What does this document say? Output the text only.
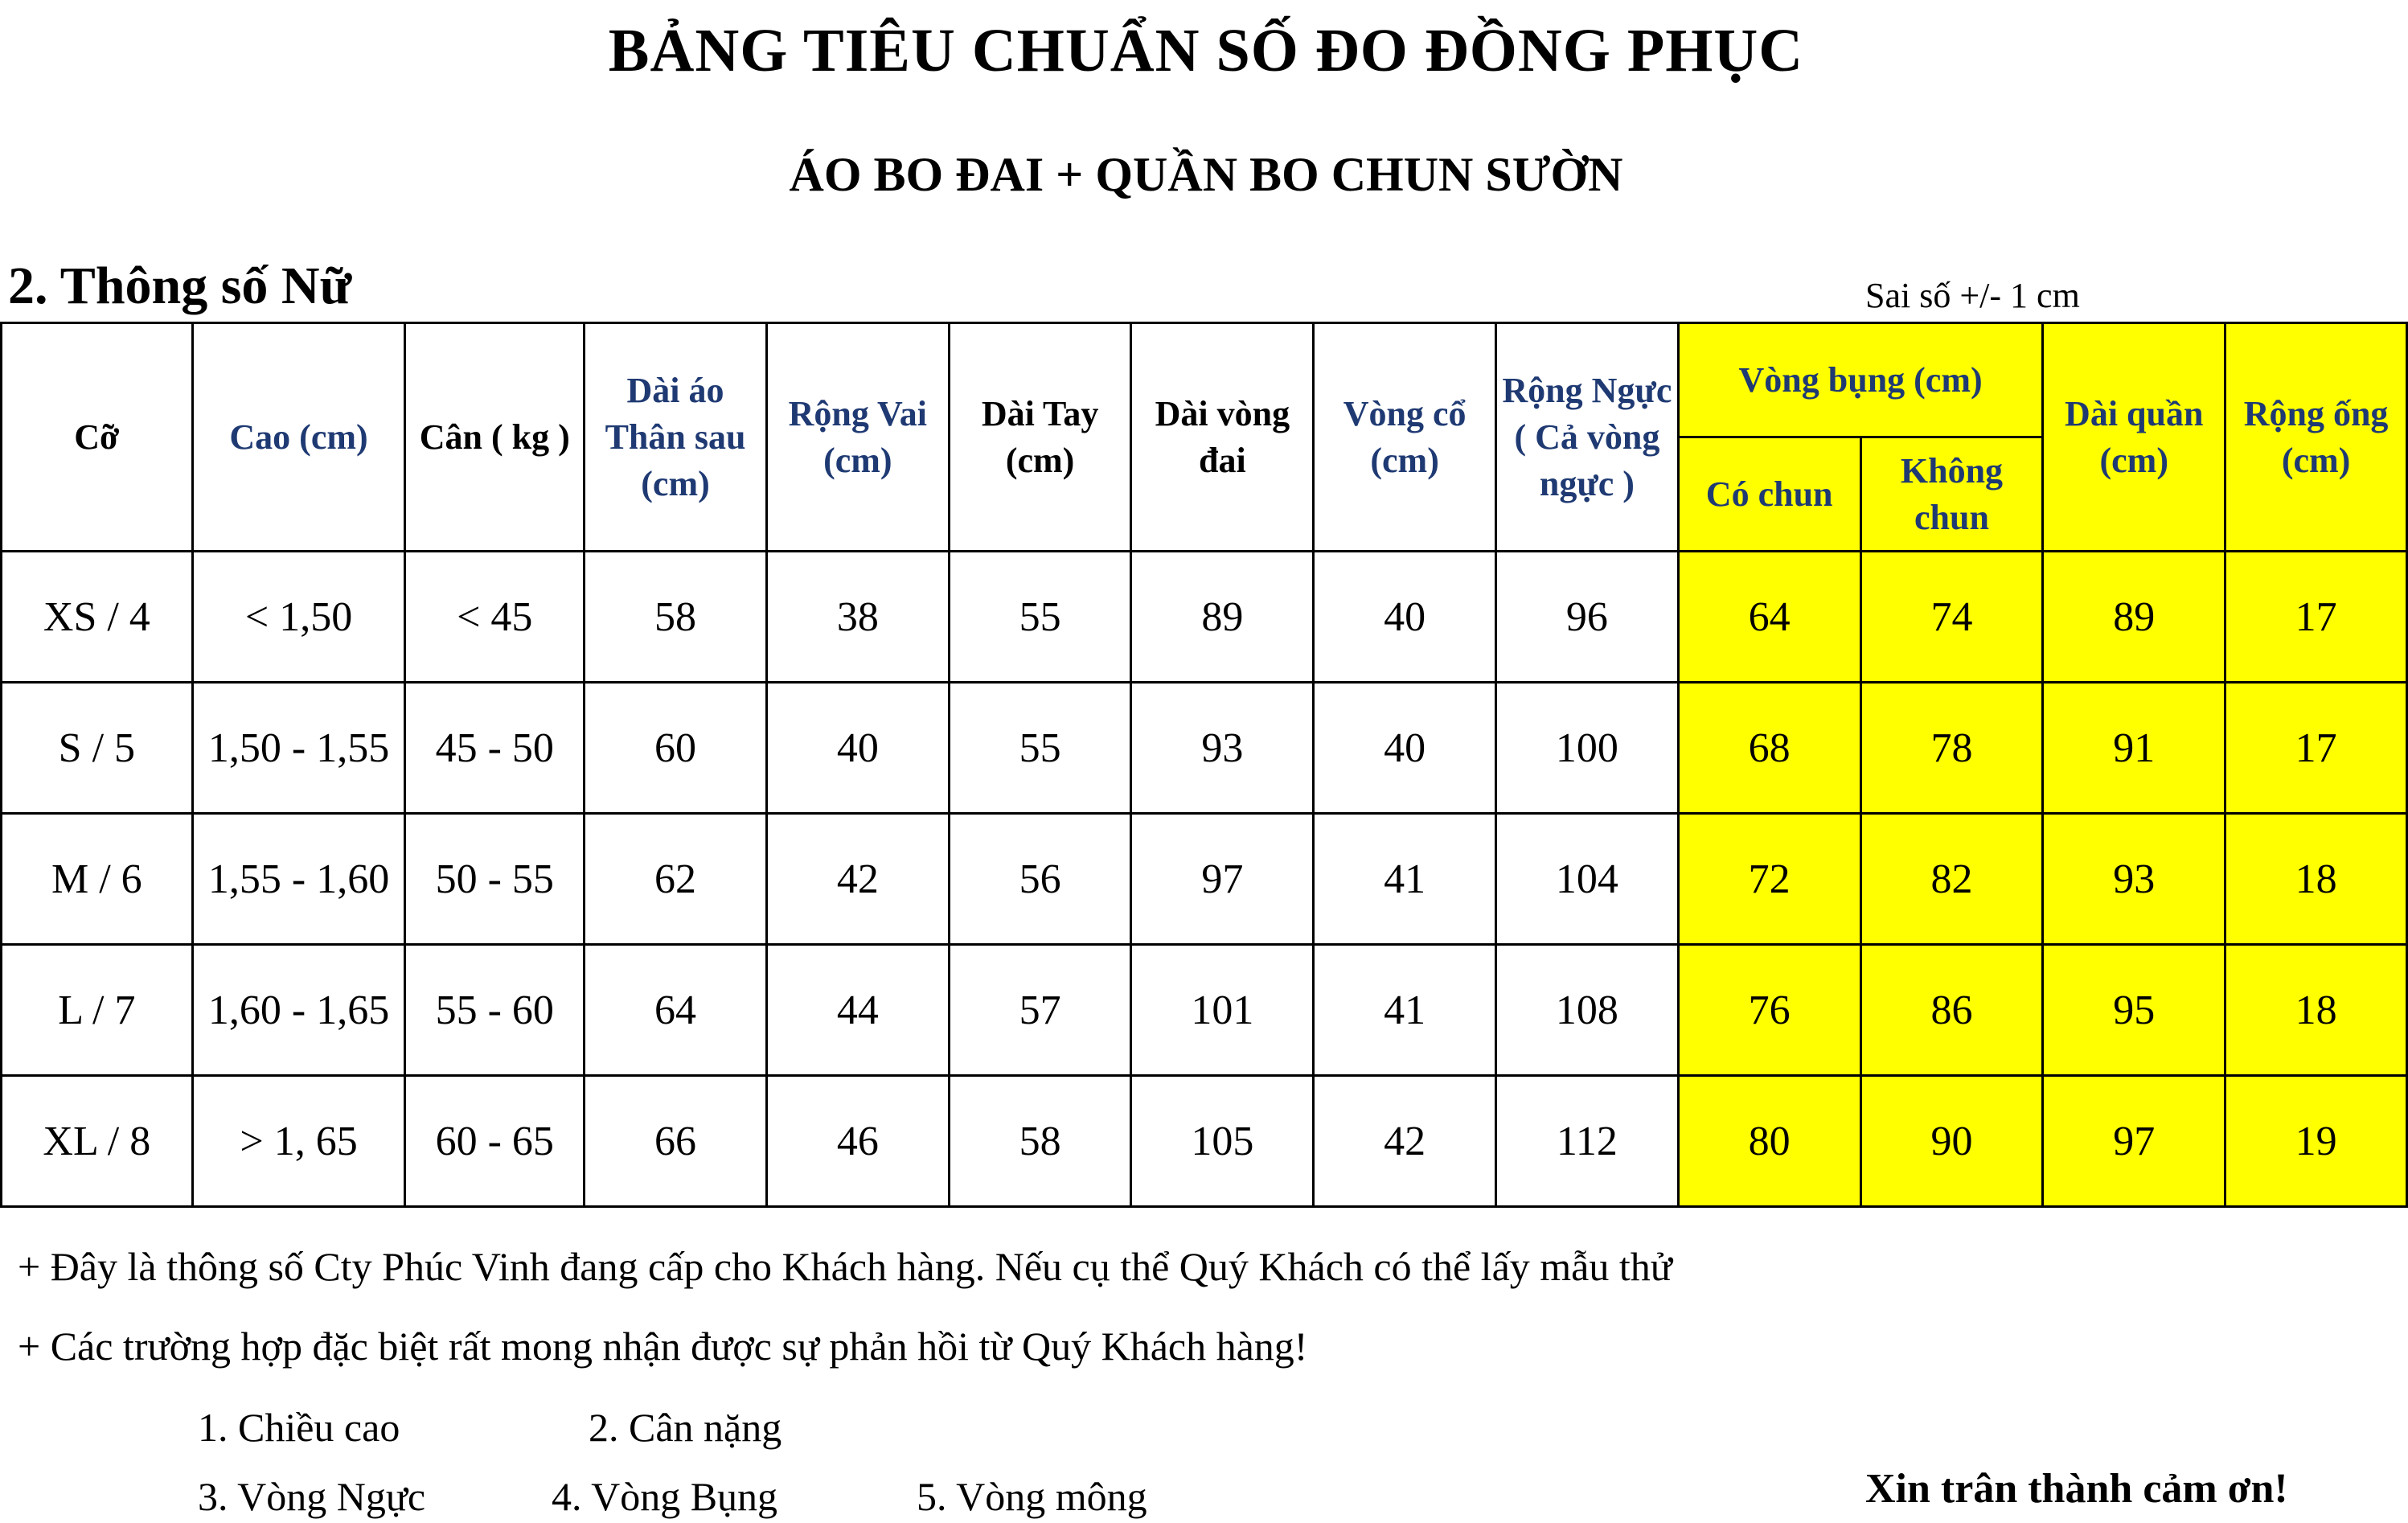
BẢNG TIÊU CHUẨN SỐ ĐO ĐỒNG PHỤC
ÁO BO ĐAI + QUẦN BO CHUN SƯỜN
2. Thông số Nữ	Sai số +/- 1 cm
Cỡ	Cao (cm)	Cân ( kg )	Dài áo Thân sau (cm)	Rộng Vai (cm)	Dài Tay (cm)	Dài vòng đai	Vòng cổ (cm)	Rộng Ngực ( Cả vòng ngực )	Vòng bụng (cm)		Dài quần (cm)	Rộng ống (cm)
									Có chun	Không chun		
XS / 4	< 1,50	< 45	58	38	55	89	40	96	64	74	89	17
S / 5	1,50 - 1,55	45 - 50	60	40	55	93	40	100	68	78	91	17
M / 6	1,55 - 1,60	50 - 55	62	42	56	97	41	104	72	82	93	18
L / 7	1,60 - 1,65	55 - 60	64	44	57	101	41	108	76	86	95	18
XL / 8	> 1, 65	60 - 65	66	46	58	105	42	112	80	90	97	19
+ Đây là thông số Cty Phúc Vinh đang cấp cho Khách hàng. Nếu cụ thể Quý Khách có thể lấy mẫu thử
+ Các trường hợp đặc biệt rất mong nhận được sự phản hồi từ Quý Khách hàng!
1. Chiều cao	2. Cân nặng
3. Vòng Ngực	4. Vòng Bụng	5. Vòng mông	Xin trân thành cảm ơn!
